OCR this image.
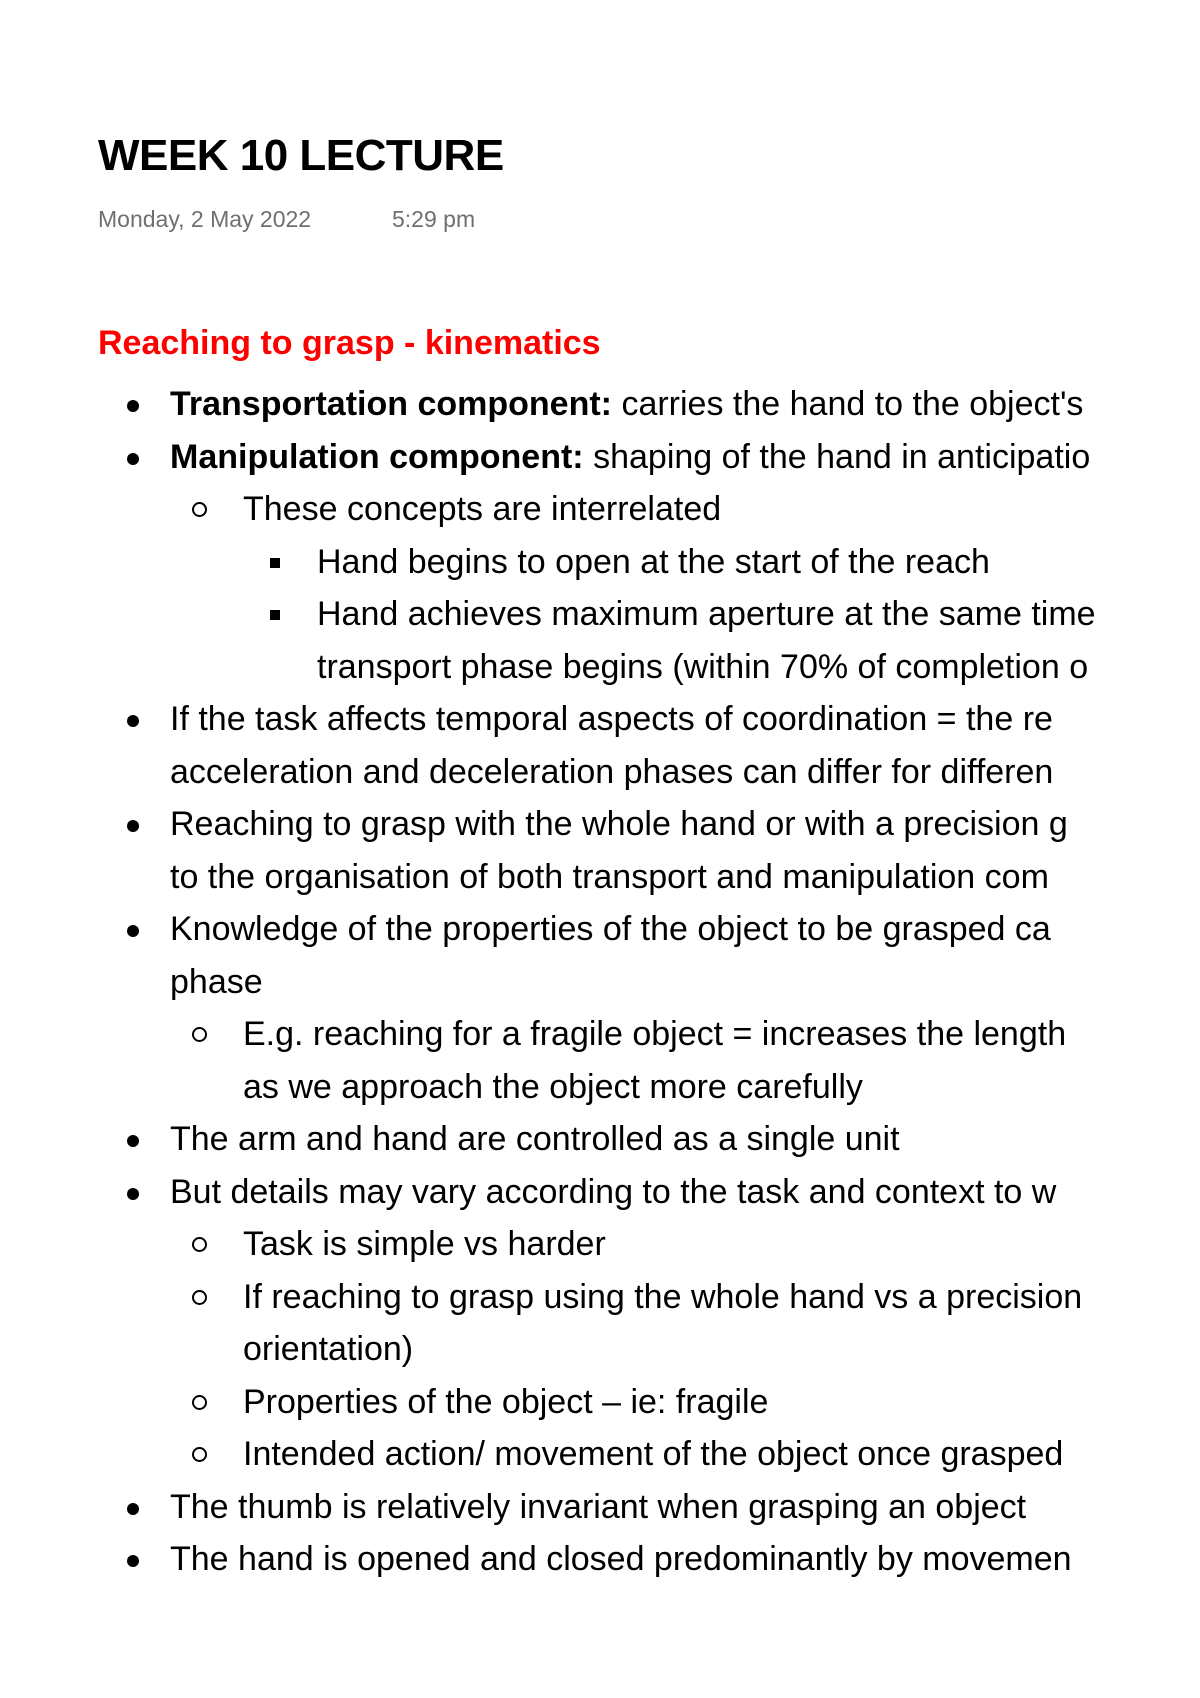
WEEK 10 LECTURE
Monday, 2 May 2022	5:29 pm
Reaching to grasp - kinematics
Transportation component: carries the hand to the object's
Manipulation component: shaping of the hand in anticipatio
These concepts are interrelated
Hand begins to open at the start of the reach
Hand achieves maximum aperture at the same time
transport phase begins (within 70% of completion o
If the task affects temporal aspects of coordination = the re
acceleration and deceleration phases can differ for differen
Reaching to grasp with the whole hand or with a precision g
to the organisation of both transport and manipulation com
Knowledge of the properties of the object to be grasped ca
phase
E.g. reaching for a fragile object = increases the length
as we approach the object more carefully
The arm and hand are controlled as a single unit
But details may vary according to the task and context to w
Task is simple vs harder
If reaching to grasp using the whole hand vs a precision
orientation)
Properties of the object – ie: fragile
Intended action/ movement of the object once grasped
The thumb is relatively invariant when grasping an object
The hand is opened and closed predominantly by movemen
